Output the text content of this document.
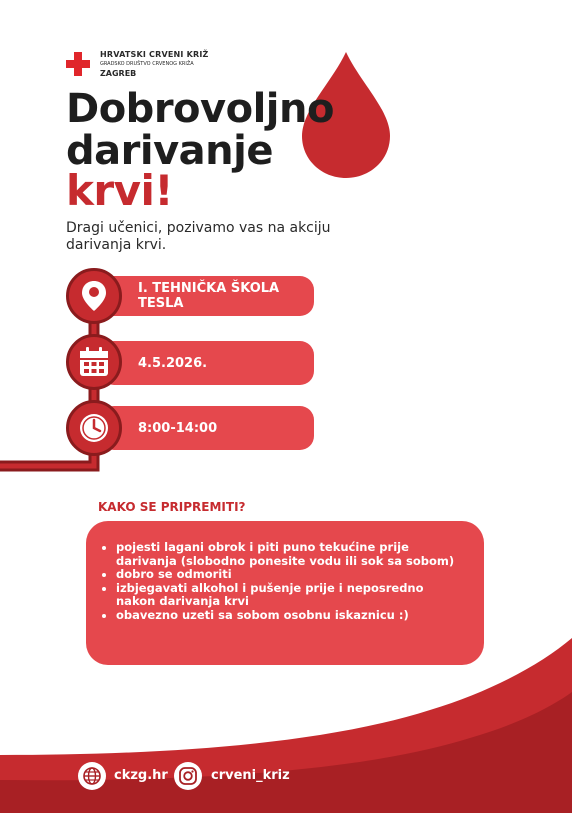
HRVATSKI CRVENI KRIŽ
GRADSKO DRUŠTVO CRVENOG KRIŽA
ZAGREB
Dobrovoljno
darivanje
krvi!
Dragi učenici, pozivamo vas na akciju
darivanja krvi.
I. TEHNIČKA ŠKOLA
TESLA
4.5.2026.
8:00-14:00
KAKO SE PRIPREMITI?
• pojesti lagani obrok i piti puno tekućine prije darivanja (slobodno ponesite vodu ili sok sa sobom)
• dobro se odmoriti
• izbjegavati alkohol i pušenje prije i neposredno nakon darivanja krvi
• obavezno uzeti sa sobom osobnu iskaznicu :)
ckzg.hr	crveni_kriz
